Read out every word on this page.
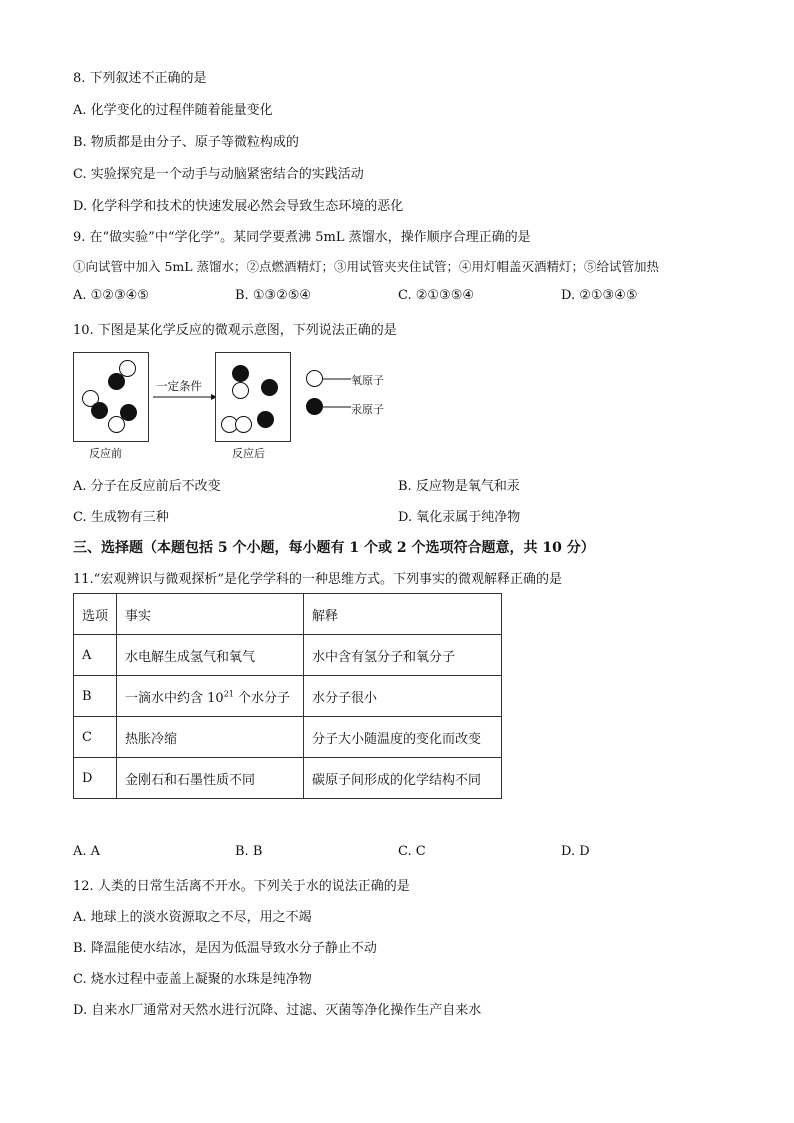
8. 下列叙述不正确的是
A. 化学变化的过程伴随着能量变化
B. 物质都是由分子、原子等微粒构成的
C. 实验探究是一个动手与动脑紧密结合的实践活动
D. 化学科学和技术的快速发展必然会导致生态环境的恶化
9. 在“做实验”中“学化学”。某同学要煮沸 5mL 蒸馏水，操作顺序合理正确的是
①向试管中加入 5mL 蒸馏水；②点燃酒精灯；③用试管夹夹住试管；④用灯帽盖灭酒精灯；⑤给试管加热
A. ①②③④⑤	B. ①③②⑤④	C. ②①③⑤④	D. ②①③④⑤
10. 下图是某化学反应的微观示意图，下列说法正确的是
反应前
一定条件
反应后
氧原子
汞原子
A. 分子在反应前后不改变	B. 反应物是氧气和汞
C. 生成物有三种	D. 氧化汞属于纯净物
三、选择题（本题包括 5 个小题，每小题有 1 个或 2 个选项符合题意，共 10 分）
11.“宏观辨识与微观探析”是化学学科的一种思维方式。下列事实的微观解释正确的是
选项	事实	解释
A	水电解生成氢气和氧气	水中含有氢分子和氧分子
B	一滴水中约含 $10^{21}$ 个水分子	水分子很小
C	热胀冷缩	分子大小随温度的变化而改变
D	金刚石和石墨性质不同	碳原子间形成的化学结构不同
A. A	B. B	C. C	D. D
12. 人类的日常生活离不开水。下列关于水的说法正确的是
A. 地球上的淡水资源取之不尽，用之不竭
B. 降温能使水结冰，是因为低温导致水分子静止不动
C. 烧水过程中壶盖上凝聚的水珠是纯净物
D. 自来水厂通常对天然水进行沉降、过滤、灭菌等净化操作生产自来水
